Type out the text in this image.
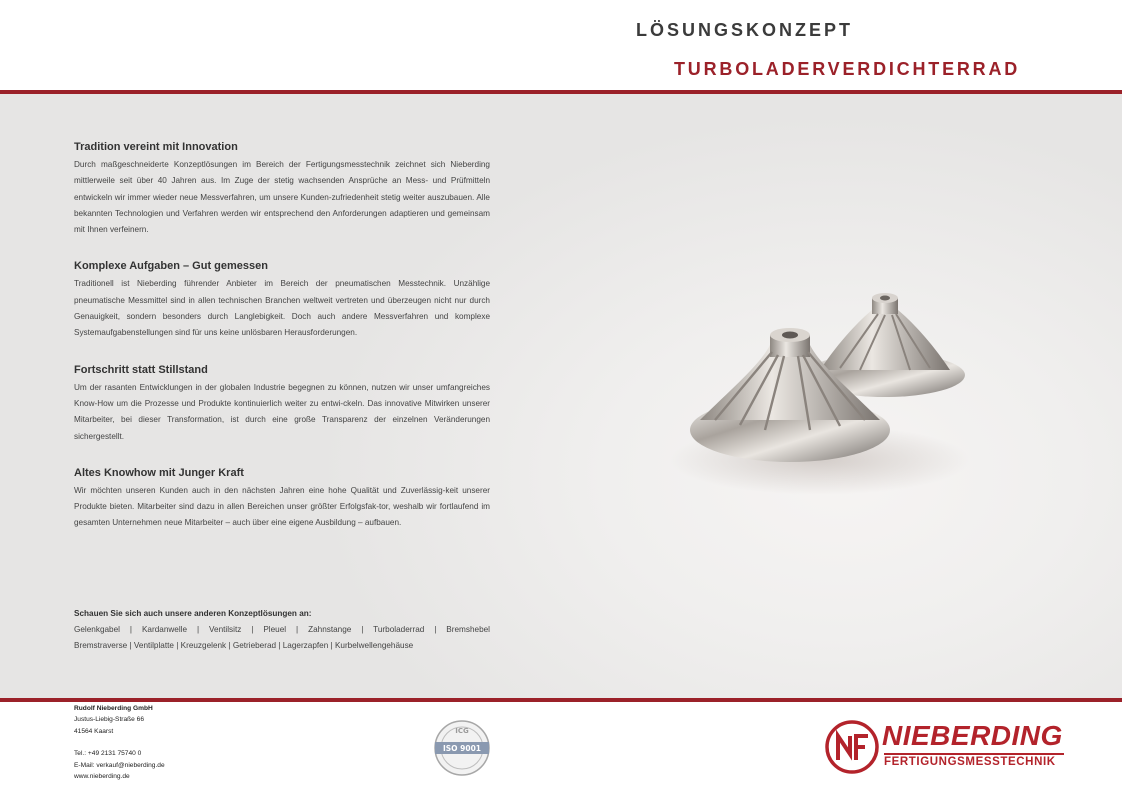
LÖSUNGSKONZEPT
TURBOLADERVERDICHTERRAD
Tradition vereint mit Innovation

Durch maßgeschneiderte Konzeptlösungen im Bereich der Fertigungsmesstechnik zeichnet sich Nieberding mittlerweile seit über 40 Jahren aus. Im Zuge der stetig wachsenden Ansprüche an Mess- und Prüfmitteln entwickeln wir immer wieder neue Messverfahren, um unsere Kunden-zufriedenheit stetig weiter auszubauen. Alle bekannten Technologien und Verfahren werden wir entsprechend den Anforderungen adaptieren und gemeinsam mit Ihnen verfeinern.

Komplexe Aufgaben – Gut gemessen

Traditionell ist Nieberding führender Anbieter im Bereich der pneumatischen Messtechnik. Unzählige pneumatische Messmittel sind in allen technischen Branchen weltweit vertreten und überzeugen nicht nur durch Genauigkeit, sondern besonders durch Langlebigkeit. Doch auch andere Messverfahren und komplexe Systemaufgabenstellungen sind für uns keine unlösbaren Herausforderungen.

Fortschritt statt Stillstand

Um der rasanten Entwicklungen in der globalen Industrie begegnen zu können, nutzen wir unser umfangreiches Know-How um die Prozesse und Produkte kontinuierlich weiter zu entwi-ckeln. Das innovative Mitwirken unserer Mitarbeiter, bei dieser Transformation, ist durch eine große Transparenz der einzelnen Veränderungen sichergestellt.

Altes Knowhow mit Junger Kraft

Wir möchten unseren Kunden auch in den nächsten Jahren eine hohe Qualität und Zuverlässig-keit unserer Produkte bieten. Mitarbeiter sind dazu in allen Bereichen unser größter Erfolgsfak-tor, weshalb wir fortlaufend im gesamten Unternehmen neue Mitarbeiter – auch über eine eigene Ausbildung – aufbauen.

Schauen Sie sich auch unsere anderen Konzeptlösungen an:
Gelenkgabel | Kardanwelle | Ventilsitz | Pleuel | Zahnstange | Turboladerrad | Bremshebel
Bremstraverse | Ventilplatte | Kreuzgelenk | Getrieberad | Lagerzapfen | Kurbelwellengehäuse
Rudolf Nieberding GmbH
Justus-Liebig-Straße 66
41564 Kaarst
Tel.: +49 2131 75740 0
E-Mail: verkauf@nieberding.de
www.nieberding.de
ICG
ISO 9001	NIEBERDING
FERTIGUNGSMESSTECHNIK
